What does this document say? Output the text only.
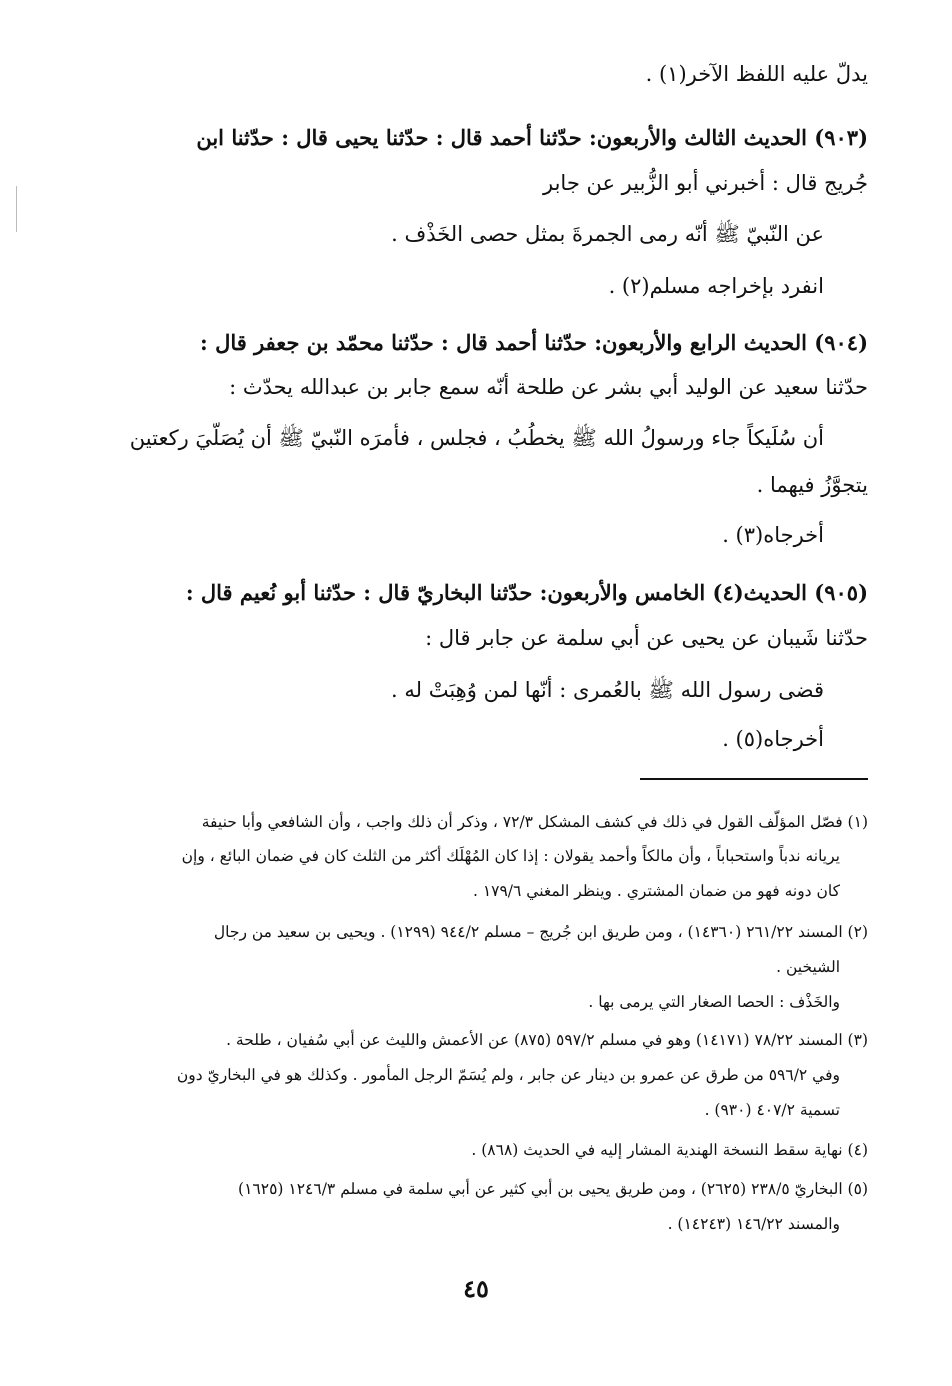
يدلّ عليه اللفظ الآخر(١) .
(٩٠٣) الحديث الثالث والأربعون: حدّثنا أحمد قال : حدّثنا يحيى قال : حدّثنا ابن
جُريج قال : أخبرني أبو الزُّبير عن جابر
عن النّبيّ ﷺ أنّه رمى الجمرةَ بمثل حصى الخَذْف .
انفرد بإخراجه مسلم(٢) .
(٩٠٤) الحديث الرابع والأربعون: حدّثنا أحمد قال : حدّثنا محمّد بن جعفر قال :
حدّثنا سعيد عن الوليد أبي بشر عن طلحة أنّه سمع جابر بن عبدالله يحدّث :
أن سُلَيكاً جاء ورسولُ الله ﷺ يخطُبُ ، فجلس ، فأمرَه النّبيّ ﷺ أن يُصَلّيَ ركعتين
يتجوَّزُ فيهما .
أخرجاه(٣) .
(٩٠٥) الحديث(٤) الخامس والأربعون: حدّثنا البخاريّ قال : حدّثنا أبو نُعيم قال :
حدّثنا شَيبان عن يحيى عن أبي سلمة عن جابر قال :
قضى رسول الله ﷺ بالعُمرى : أنّها لمن وُهِبَتْ له .
أخرجاه(٥) .
(١) فصّل المؤلّف القول في ذلك في كشف المشكل ٧٢/٣ ، وذكر أن ذلك واجب ، وأن الشافعي وأبا حنيفة
يريانه ندباً واستحباباً ، وأن مالكاً وأحمد يقولان : إذا كان المُهْلَك أكثر من الثلث كان في ضمان البائع ، وإن
كان دونه فهو من ضمان المشتري . وينظر المغني ١٧٩/٦ .
(٢) المسند ٢٦١/٢٢ (١٤٣٦٠) ، ومن طريق ابن جُريج – مسلم ٩٤٤/٢ (١٢٩٩) . ويحيى بن سعيد من رجال
الشيخين .
والخَذْف : الحصا الصغار التي يرمى بها .
(٣) المسند ٧٨/٢٢ (١٤١٧١) وهو في مسلم ٥٩٧/٢ (٨٧٥) عن الأعمش والليث عن أبي سُفيان ، طلحة .
وفي ٥٩٦/٢ من طرق عن عمرو بن دينار عن جابر ، ولم يُسَمّ الرجل المأمور . وكذلك هو في البخاريّ دون
تسمية ٤٠٧/٢ (٩٣٠) .
(٤) نهاية سقط النسخة الهندية المشار إليه في الحديث (٨٦٨) .
(٥) البخاريّ ٢٣٨/٥ (٢٦٢٥) ، ومن طريق يحيى بن أبي كثير عن أبي سلمة في مسلم ١٢٤٦/٣ (١٦٢٥)
والمسند ١٤٦/٢٢ (١٤٢٤٣) .
٤٥
